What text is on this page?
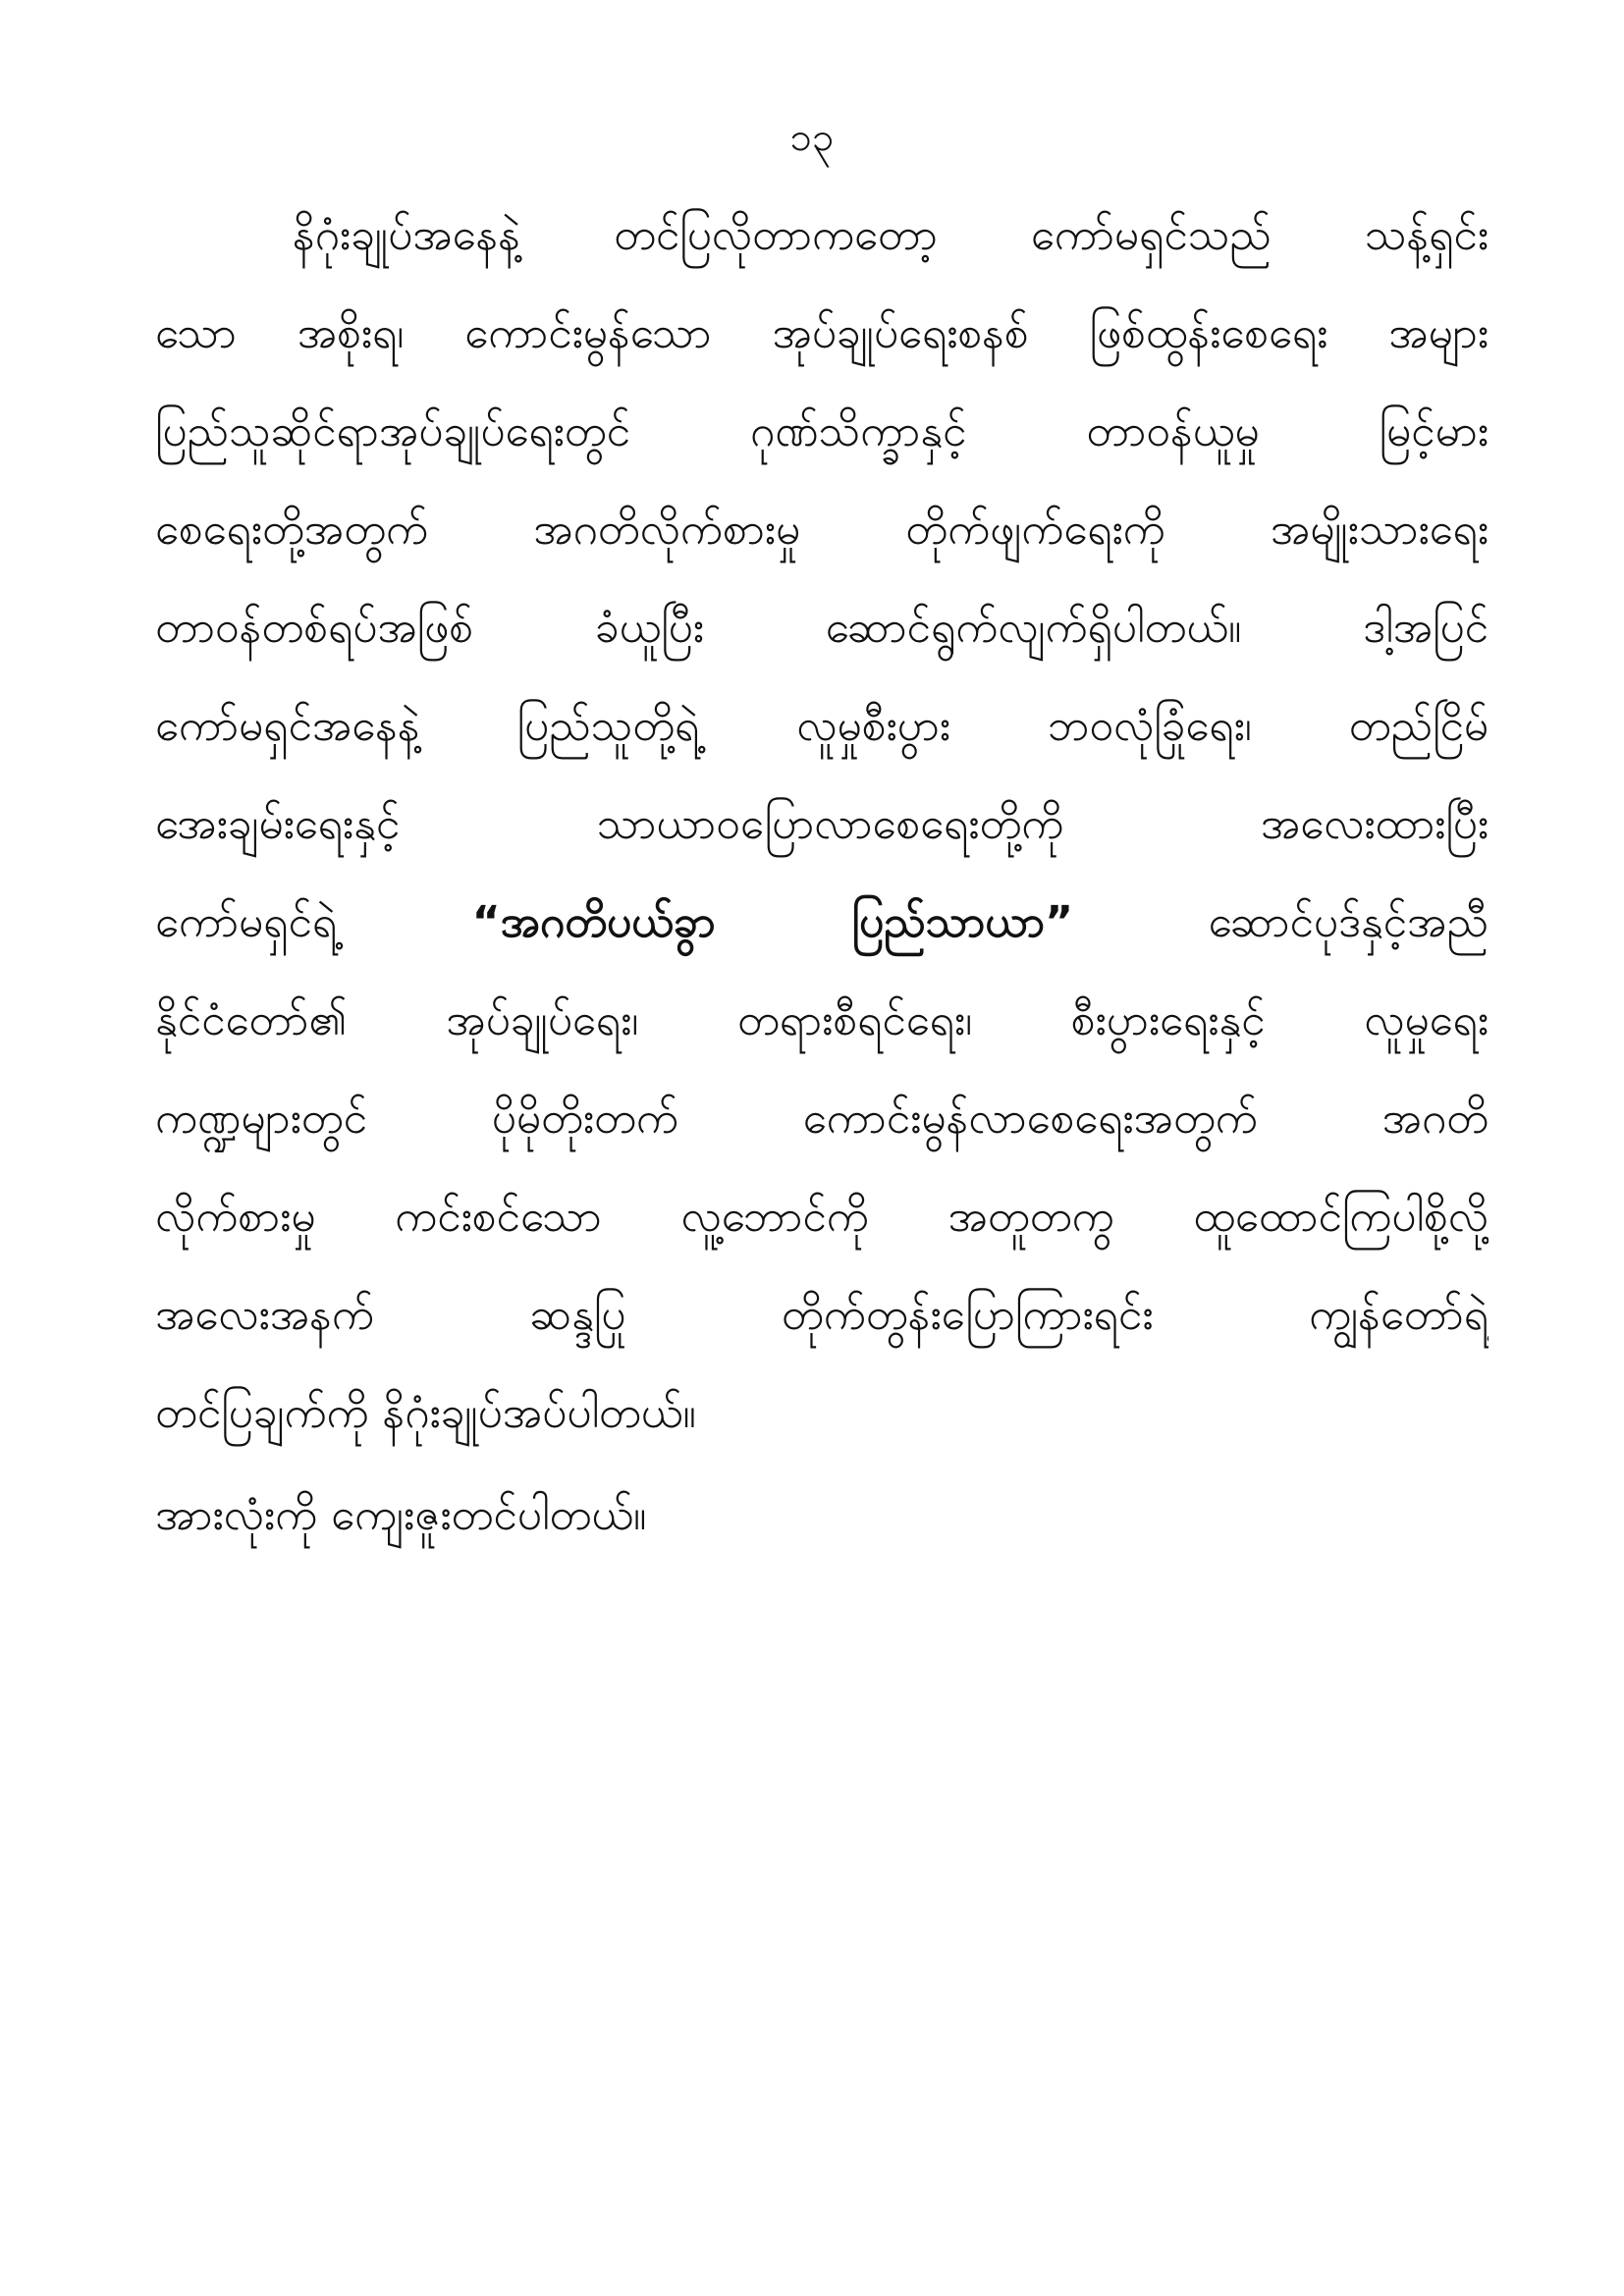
၁၃
နိဂုံးချုပ်အနေနဲ့ တင်ပြလိုတာကတော့ ကော်မရှင်သည် သန့်ရှင်း
သော အစိုးရ၊ ကောင်းမွန်သော အုပ်ချုပ်ရေးစနစ် ဖြစ်ထွန်းစေရေး အများ
ပြည်သူဆိုင်ရာအုပ်ချုပ်ရေးတွင် ဂုဏ်သိက္ခာနှင့် တာဝန်ယူမှု မြင့်မား
စေရေးတို့အတွက် အဂတိလိုက်စားမှု တိုက်ဖျက်ရေးကို အမျိုးသားရေး
တာဝန်တစ်ရပ်အဖြစ် ခံယူပြီး ဆောင်ရွက်လျက်ရှိပါတယ်။ ဒါ့အပြင်
ကော်မရှင်အနေနဲ့ ပြည်သူတို့ရဲ့ လူမှုစီးပွား ဘဝလုံခြုံရေး၊ တည်ငြိမ်
အေးချမ်းရေးနှင့် သာယာဝပြောလာစေရေးတို့ကို အလေးထားပြီး
ကော်မရှင်ရဲ့	“အဂတိပယ်ခွာ ပြည်သာယာ”	ဆောင်ပုဒ်နှင့်အညီ
နိုင်ငံတော်၏ အုပ်ချုပ်ရေး၊ တရားစီရင်ရေး၊ စီးပွားရေးနှင့် လူမှုရေး
ကဏ္ဍများတွင် ပိုမိုတိုးတက် ကောင်းမွန်လာစေရေးအတွက် အဂတိ
လိုက်စားမှု ကင်းစင်သော လူ့ဘောင်ကို အတူတကွ ထူထောင်ကြပါစို့လို့
အလေးအနက် ဆန္ဒပြု တိုက်တွန်းပြောကြားရင်း ကျွန်တော်ရဲ့
တင်ပြချက်ကို နိဂုံးချုပ်အပ်ပါတယ်။
အားလုံးကို ကျေးဇူးတင်ပါတယ်။
